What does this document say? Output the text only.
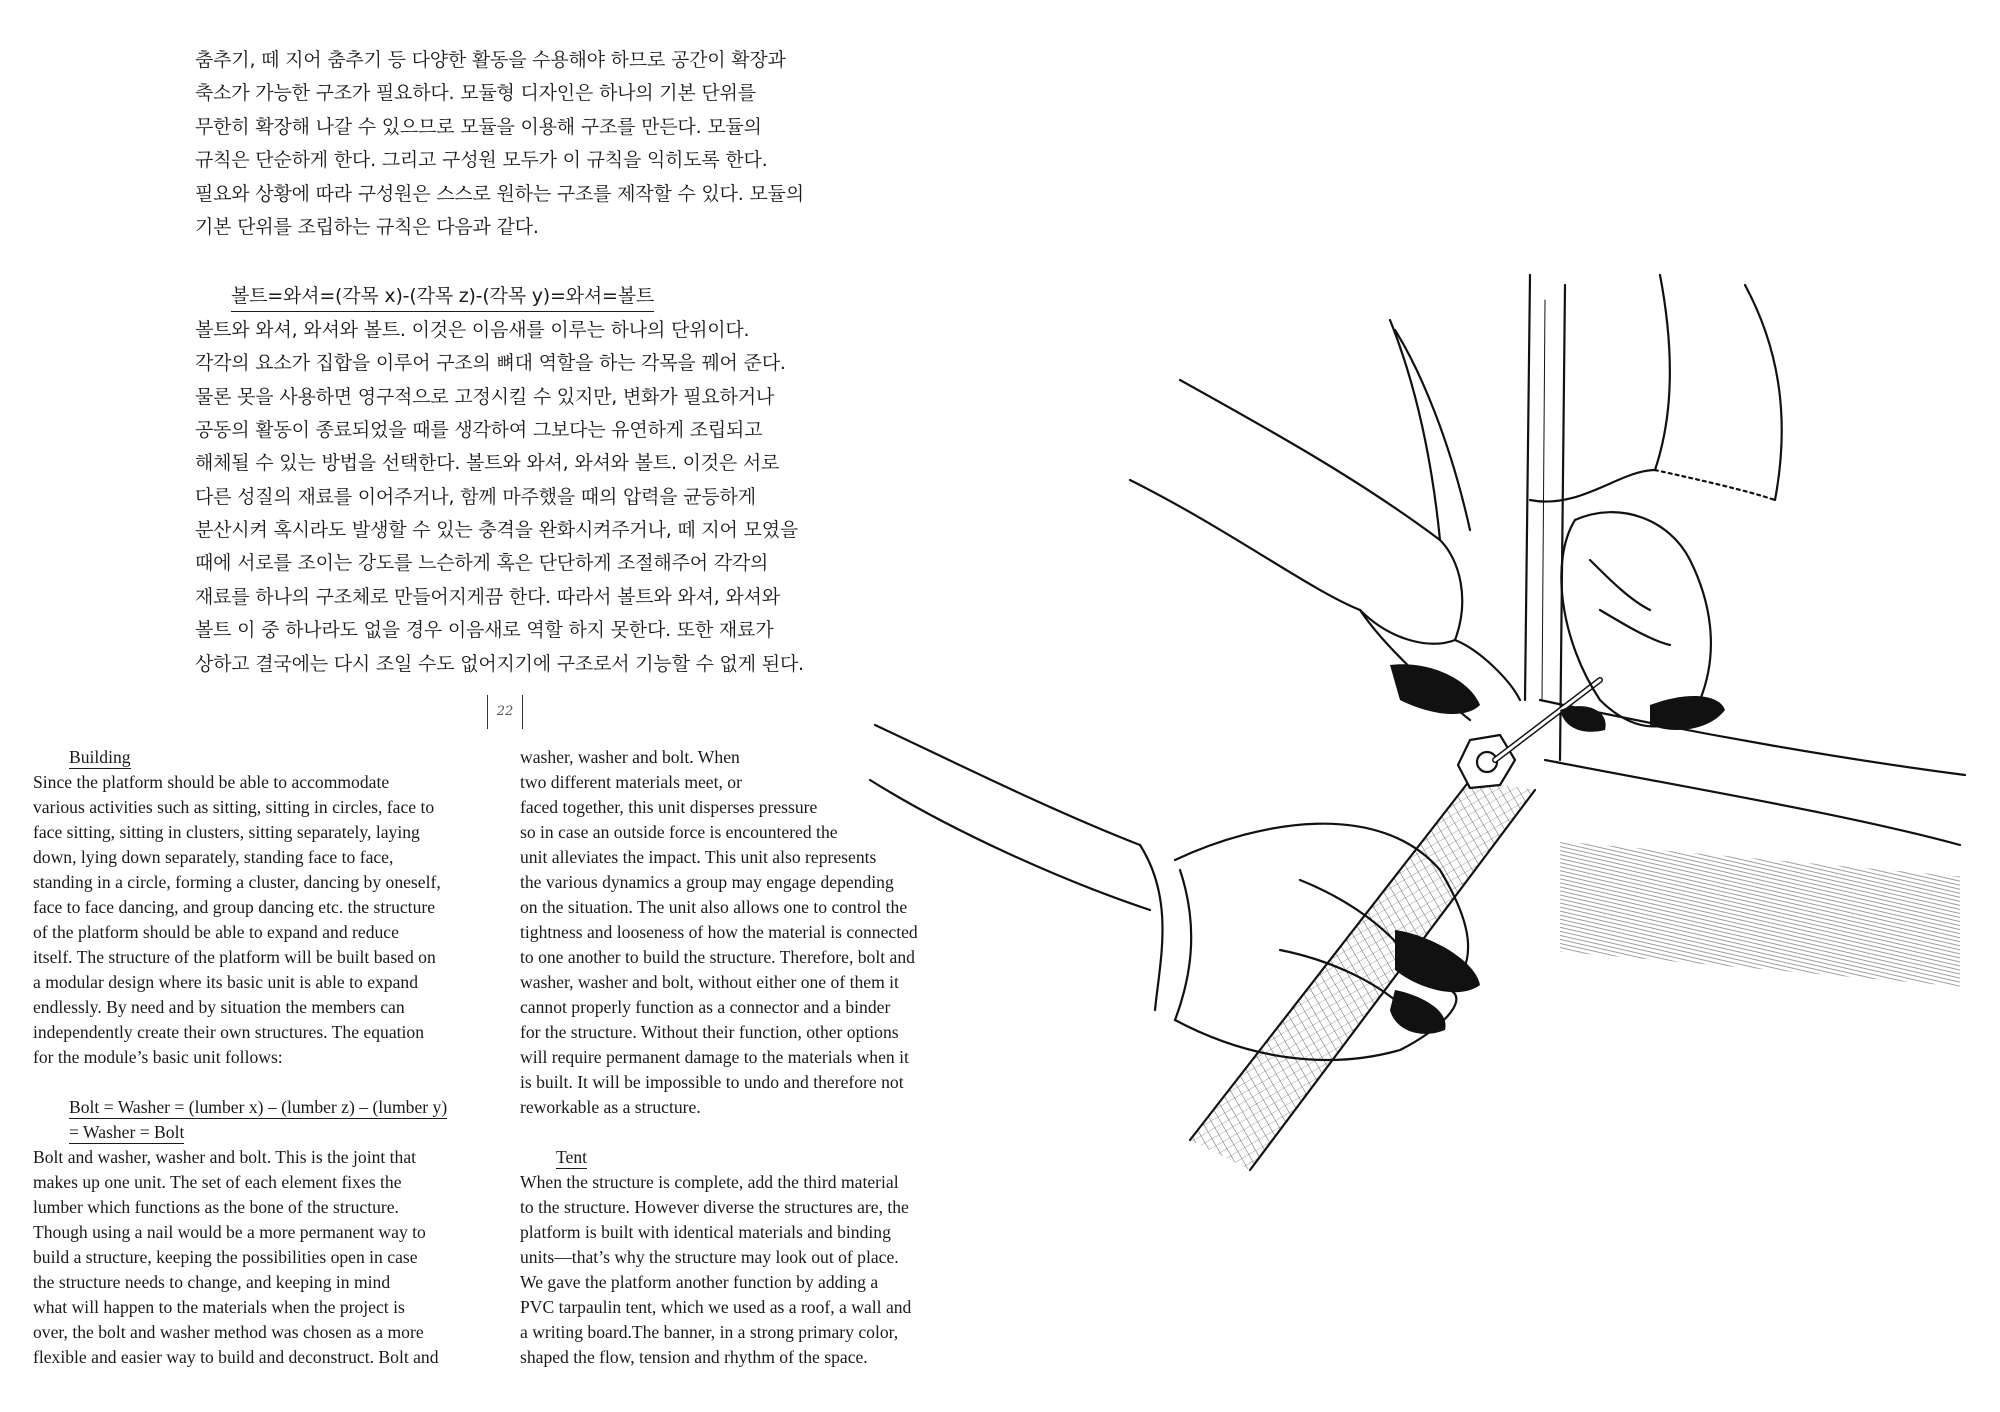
춤추기, 떼 지어 춤추기 등 다양한 활동을 수용해야 하므로 공간이 확장과
축소가 가능한 구조가 필요하다. 모듈형 디자인은 하나의 기본 단위를
무한히 확장해 나갈 수 있으므로 모듈을 이용해 구조를 만든다. 모듈의
규칙은 단순하게 한다. 그리고 구성원 모두가 이 규칙을 익히도록 한다.
필요와 상황에 따라 구성원은 스스로 원하는 구조를 제작할 수 있다. 모듈의
기본 단위를 조립하는 규칙은 다음과 같다.
볼트=와셔=(각목 x)-(각목 z)-(각목 y)=와셔=볼트
볼트와 와셔, 와셔와 볼트. 이것은 이음새를 이루는 하나의 단위이다.
각각의 요소가 집합을 이루어 구조의 뼈대 역할을 하는 각목을 꿰어 준다.
물론 못을 사용하면 영구적으로 고정시킬 수 있지만, 변화가 필요하거나
공동의 활동이 종료되었을 때를 생각하여 그보다는 유연하게 조립되고
해체될 수 있는 방법을 선택한다. 볼트와 와셔, 와셔와 볼트. 이것은 서로
다른 성질의 재료를 이어주거나, 함께 마주했을 때의 압력을 균등하게
분산시켜 혹시라도 발생할 수 있는 충격을 완화시켜주거나, 떼 지어 모였을
때에 서로를 조이는 강도를 느슨하게 혹은 단단하게 조절해주어 각각의
재료를 하나의 구조체로 만들어지게끔 한다. 따라서 볼트와 와셔, 와셔와
볼트 이 중 하나라도 없을 경우 이음새로 역할 하지 못한다. 또한 재료가
상하고 결국에는 다시 조일 수도 없어지기에 구조로서 기능할 수 없게 된다.
22
Building
Since the platform should be able to accommodate
various activities such as sitting, sitting in circles, face to
face sitting, sitting in clusters, sitting separately, laying
down, lying down separately, standing face to face,
standing in a circle, forming a cluster, dancing by oneself,
face to face dancing, and group dancing etc. the structure
of the platform should be able to expand and reduce
itself. The structure of the platform will be built based on
a modular design where its basic unit is able to expand
endlessly. By need and by situation the members can
independently create their own structures. The equation
for the module’s basic unit follows:
Bolt = Washer = (lumber x) – (lumber z) – (lumber y)
= Washer = Bolt
Bolt and washer, washer and bolt. This is the joint that
makes up one unit. The set of each element fixes the
lumber which functions as the bone of the structure.
Though using a nail would be a more permanent way to
build a structure, keeping the possibilities open in case
the structure needs to change, and keeping in mind
what will happen to the materials when the project is
over, the bolt and washer method was chosen as a more
flexible and easier way to build and deconstruct. Bolt and
washer, washer and bolt. When
two different materials meet, or
faced together, this unit disperses pressure
so in case an outside force is encountered the
unit alleviates the impact. This unit also represents
the various dynamics a group may engage depending
on the situation. The unit also allows one to control the
tightness and looseness of how the material is connected
to one another to build the structure. Therefore, bolt and
washer, washer and bolt, without either one of them it
cannot properly function as a connector and a binder
for the structure. Without their function, other options
will require permanent damage to the materials when it
is built. It will be impossible to undo and therefore not
reworkable as a structure.
Tent
When the structure is complete, add the third material
to the structure. However diverse the structures are, the
platform is built with identical materials and binding
units—that’s why the structure may look out of place.
We gave the platform another function by adding a
PVC tarpaulin tent, which we used as a roof, a wall and
a writing board.The banner, in a strong primary color,
shaped the flow, tension and rhythm of the space.
